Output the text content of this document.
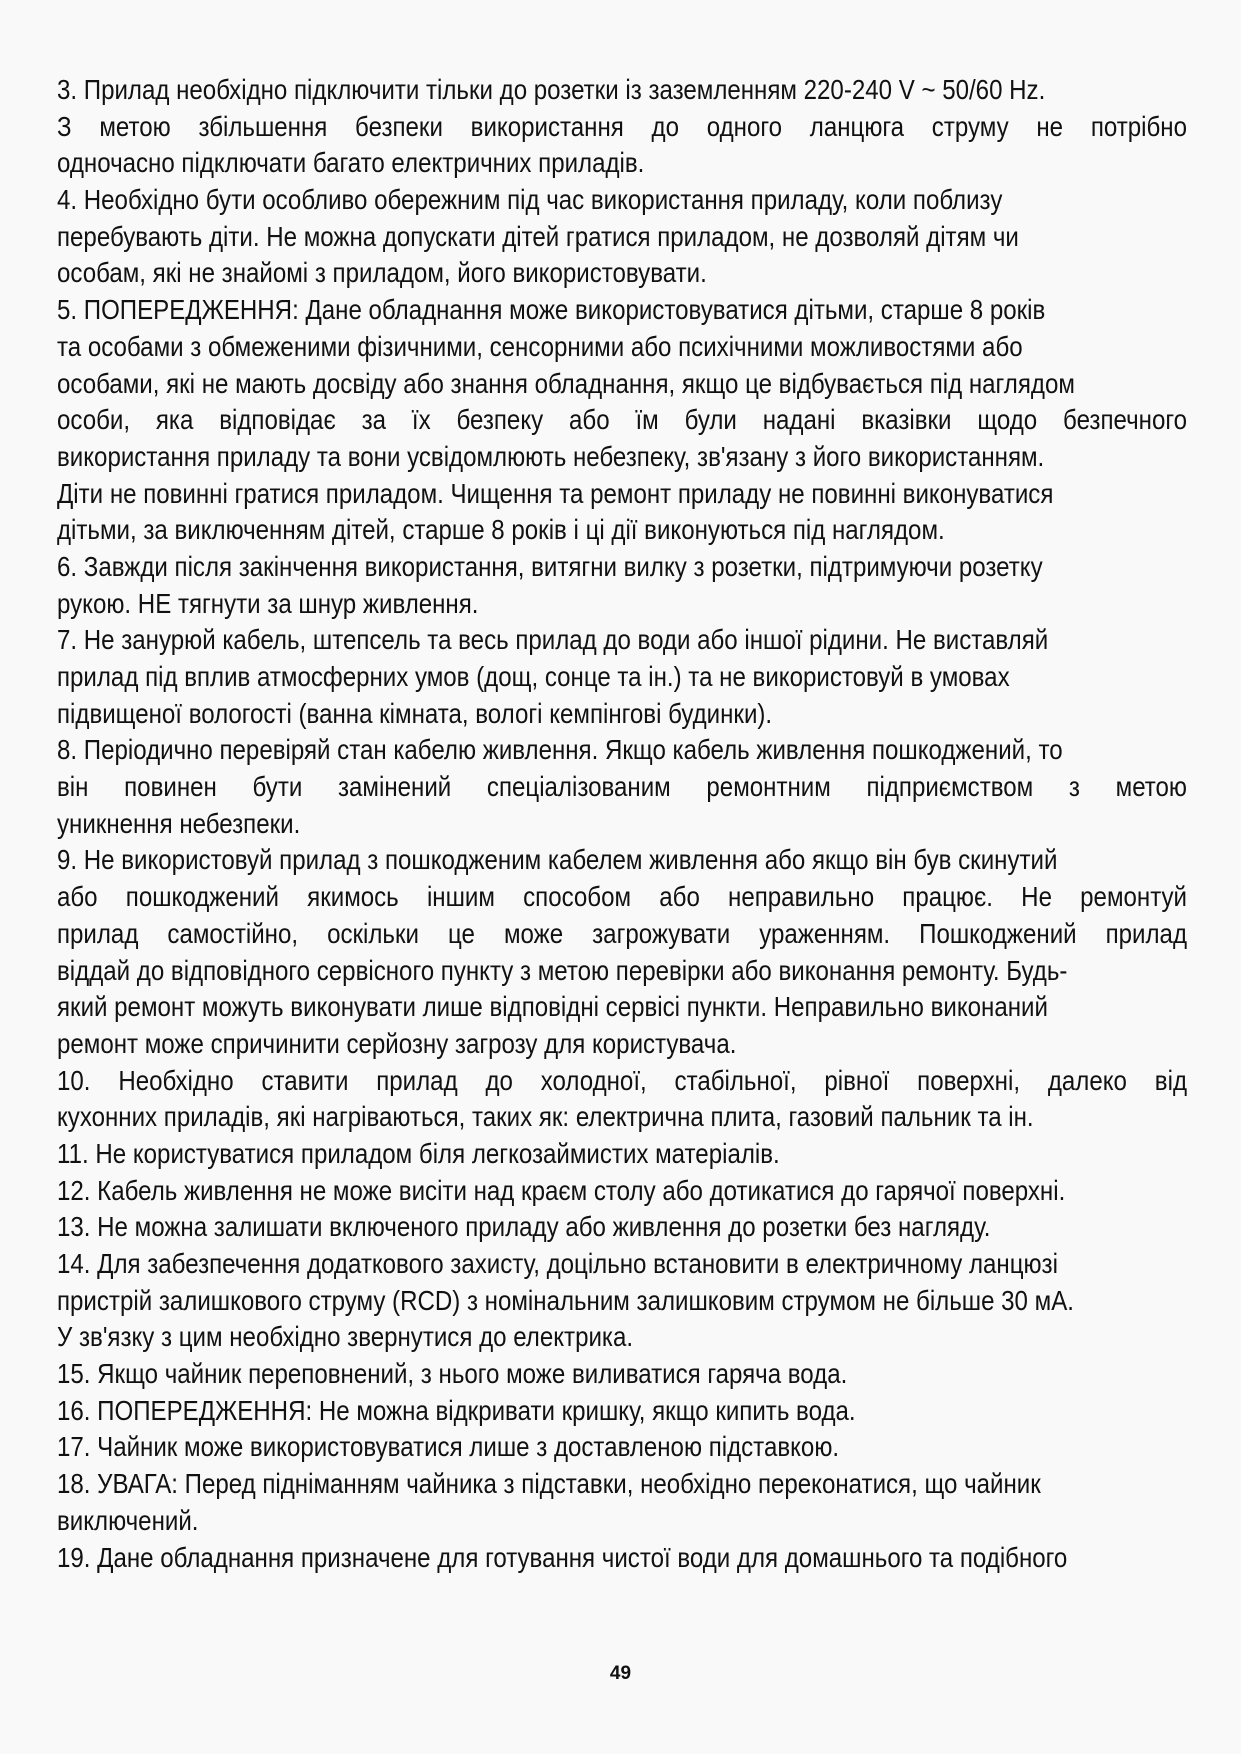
3. Прилад необхідно підключити тільки до розетки із заземленням 220-240 V ~ 50/60 Hz.
З метою збільшення безпеки використання до одного ланцюга струму не потрібно
одночасно підключати багато електричних приладів.
4. Необхідно бути особливо обережним під час використання приладу, коли поблизу
перебувають діти. Не можна допускати дітей гратися приладом, не дозволяй дітям чи
особам, які не знайомі з приладом, його використовувати.
5. ПОПЕРЕДЖЕННЯ: Дане обладнання може використовуватися дітьми, старше 8 років
та особами з обмеженими фізичними, сенсорними або психічними можливостями або
особами, які не мають досвіду або знання обладнання, якщо це відбувається під наглядом
особи, яка відповідає за їх безпеку або їм були надані вказівки щодо безпечного
використання приладу та вони усвідомлюють небезпеку, зв'язану з його використанням.
Діти не повинні гратися приладом. Чищення та ремонт приладу не повинні виконуватися
дітьми, за виключенням дітей, старше 8 років і ці дії виконуються під наглядом.
6. Завжди після закінчення використання, витягни вилку з розетки, підтримуючи розетку
рукою. НЕ тягнути за шнур живлення.
7. Не занурюй кабель, штепсель та весь прилад до води або іншої рідини. Не виставляй
прилад під вплив атмосферних умов (дощ, сонце та ін.) та не використовуй в умовах
підвищеної вологості (ванна кімната, вологі кемпінгові будинки).
8. Періодично перевіряй стан кабелю живлення. Якщо кабель живлення пошкоджений, то
він повинен бути замінений спеціалізованим ремонтним підприємством з метою
уникнення небезпеки.
9. Не використовуй прилад з пошкодженим кабелем живлення або якщо він був скинутий
або пошкоджений якимось іншим способом або неправильно працює. Не ремонтуй
прилад самостійно, оскільки це може загрожувати ураженням. Пошкоджений прилад
віддай до відповідного сервісного пункту з метою перевірки або виконання ремонту. Будь-
який ремонт можуть виконувати лише відповідні сервісі пункти. Неправильно виконаний
ремонт може спричинити серйозну загрозу для користувача.
10. Необхідно ставити прилад до холодної, стабільної, рівної поверхні, далеко від
кухонних приладів, які нагріваються, таких як: електрична плита, газовий пальник та ін.
11. Не користуватися приладом біля легкозаймистих матеріалів.
12. Кабель живлення не може висіти над краєм столу або дотикатися до гарячої поверхні.
13. Не можна залишати включеного приладу або живлення до розетки без нагляду.
14. Для забезпечення додаткового захисту, доцільно встановити в електричному ланцюзі
пристрій залишкового струму (RCD) з номінальним залишковим струмом не більше 30 мА.
У зв'язку з цим необхідно звернутися до електрика.
15. Якщо чайник переповнений, з нього може виливатися гаряча вода.
16. ПОПЕРЕДЖЕННЯ: Не можна відкривати кришку, якщо кипить вода.
17. Чайник може використовуватися лише з доставленою підставкою.
18. УВАГА: Перед підніманням чайника з підставки, необхідно переконатися, що чайник
виключений.
19. Дане обладнання призначене для готування чистої води для домашнього та подібного
49
